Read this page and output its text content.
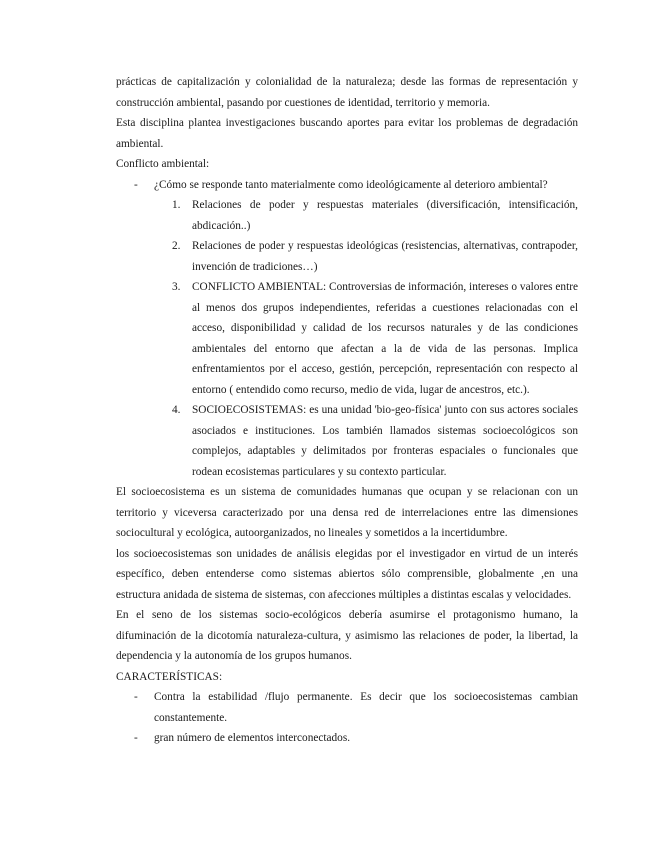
prácticas de capitalización y colonialidad de la naturaleza; desde las formas de representación y construcción ambiental, pasando por cuestiones de identidad, territorio y memoria.

Esta disciplina plantea investigaciones buscando aportes para evitar los problemas de degradación ambiental.

Conflicto ambiental:

- ¿Cómo se responde tanto materialmente como ideológicamente al deterioro ambiental?
1. Relaciones de poder y respuestas materiales (diversificación, intensificación, abdicación..)
2. Relaciones de poder y respuestas ideológicas (resistencias, alternativas, contrapoder, invención de tradiciones…)
3. CONFLICTO AMBIENTAL: Controversias de información, intereses o valores entre al menos dos grupos independientes, referidas a cuestiones relacionadas con el acceso, disponibilidad y calidad de los recursos naturales y de las condiciones ambientales del entorno que afectan a la de vida de las personas. Implica enfrentamientos por el acceso, gestión, percepción, representación con respecto al entorno ( entendido como recurso, medio de vida, lugar de ancestros, etc.).
4. SOCIOECOSISTEMAS: es una unidad 'bio-geo-física' junto con sus actores sociales asociados e instituciones. Los también llamados sistemas socioecológicos son complejos, adaptables y delimitados por fronteras espaciales o funcionales que rodean ecosistemas particulares y su contexto particular.

El socioecosistema es un sistema de comunidades humanas que ocupan y se relacionan con un territorio y viceversa caracterizado por una densa red de interrelaciones entre las dimensiones sociocultural y ecológica, autoorganizados, no lineales y sometidos a la incertidumbre.

los socioecosistemas son unidades de análisis elegidas por el investigador en virtud de un interés específico, deben entenderse como sistemas abiertos sólo comprensible, globalmente ,en una estructura anidada de sistema de sistemas, con afecciones múltiples a distintas escalas y velocidades.

En el seno de los sistemas socio-ecológicos debería asumirse el protagonismo humano, la difuminación de la dicotomía naturaleza-cultura, y asimismo las relaciones de poder, la libertad, la dependencia y la autonomía de los grupos humanos.

CARACTERÍSTICAS:

- Contra la estabilidad /flujo permanente. Es decir que los socioecosistemas cambian constantemente.
- gran número de elementos interconectados.
